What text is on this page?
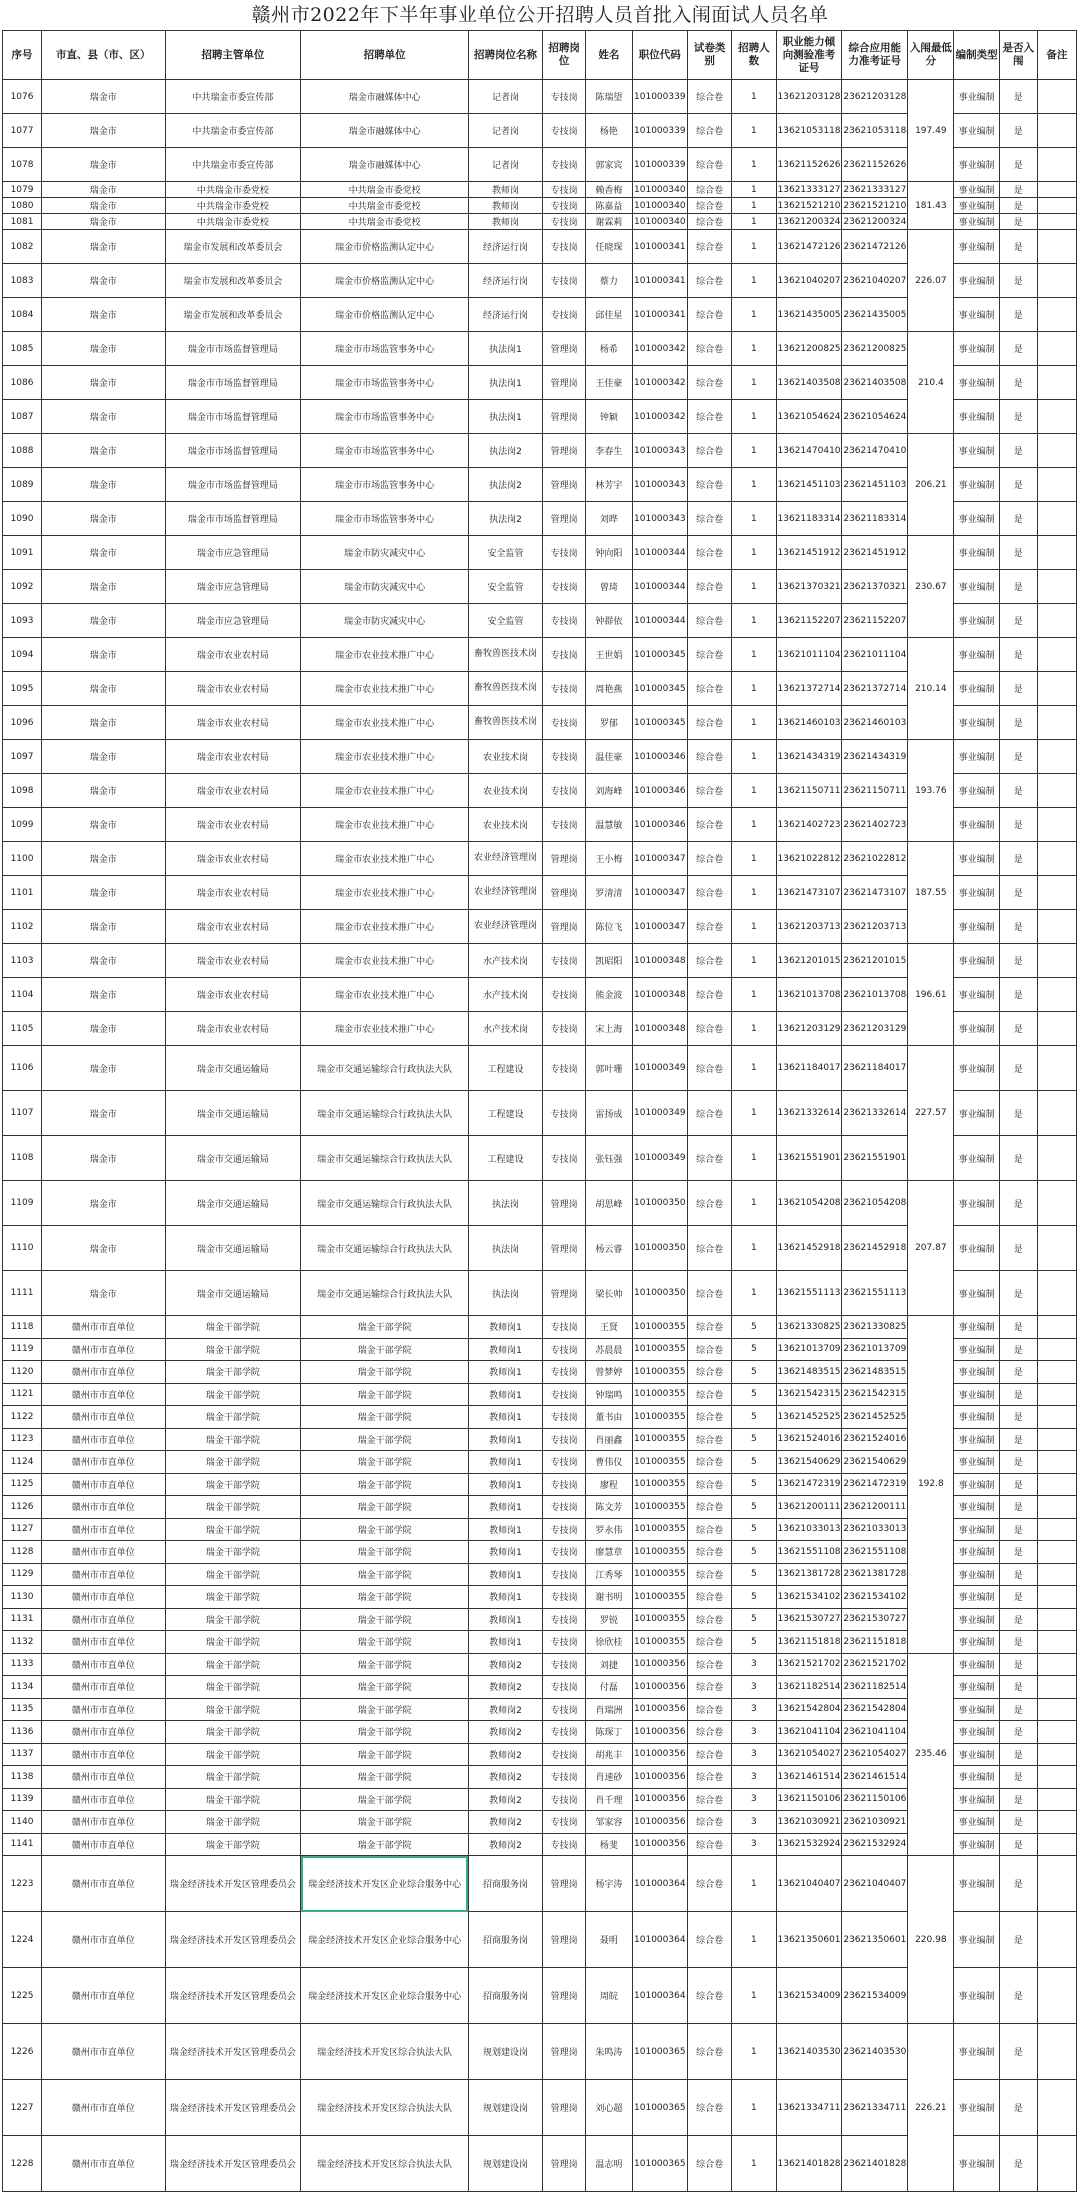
赣州市2022年下半年事业单位公开招聘人员首批入闱面试人员名单
序号	市直、县（市、区）	招聘主管单位	招聘单位	招聘岗位名称	招聘岗位	姓名	职位代码	试卷类别	招聘人数	职业能力倾向测验准考证号	综合应用能力准考证号	入闱最低分	编制类型	是否入闱	备注
1076	瑞金市	中共瑞金市委宣传部	瑞金市融媒体中心	记者岗	专技岗	陈瑞望	101000339	综合卷	1	13621203128	23621203128	197.49	事业编制	是	
1077	瑞金市	中共瑞金市委宣传部	瑞金市融媒体中心	记者岗	专技岗	杨艳	101000339	综合卷	1	13621053118	23621053118		事业编制	是	
1078	瑞金市	中共瑞金市委宣传部	瑞金市融媒体中心	记者岗	专技岗	郭家宾	101000339	综合卷	1	13621152626	23621152626		事业编制	是	
1079	瑞金市	中共瑞金市委党校	中共瑞金市委党校	教师岗	专技岗	赖香梅	101000340	综合卷	1	13621333127	23621333127	181.43	事业编制	是	
1080	瑞金市	中共瑞金市委党校	中共瑞金市委党校	教师岗	专技岗	陈嘉益	101000340	综合卷	1	13621521210	23621521210		事业编制	是	
1081	瑞金市	中共瑞金市委党校	中共瑞金市委党校	教师岗	专技岗	谢霖莉	101000340	综合卷	1	13621200324	23621200324		事业编制	是	
1082	瑞金市	瑞金市发展和改革委员会	瑞金市价格监测认定中心	经济运行岗	专技岗	任晓琛	101000341	综合卷	1	13621472126	23621472126	226.07	事业编制	是	
1083	瑞金市	瑞金市发展和改革委员会	瑞金市价格监测认定中心	经济运行岗	专技岗	蔡力	101000341	综合卷	1	13621040207	23621040207		事业编制	是	
1084	瑞金市	瑞金市发展和改革委员会	瑞金市价格监测认定中心	经济运行岗	专技岗	邱佳星	101000341	综合卷	1	13621435005	23621435005		事业编制	是	
1085	瑞金市	瑞金市市场监督管理局	瑞金市市场监管事务中心	执法岗1	管理岗	杨希	101000342	综合卷	1	13621200825	23621200825	210.4	事业编制	是	
1086	瑞金市	瑞金市市场监督管理局	瑞金市市场监管事务中心	执法岗1	管理岗	王佳豪	101000342	综合卷	1	13621403508	23621403508		事业编制	是	
1087	瑞金市	瑞金市市场监督管理局	瑞金市市场监管事务中心	执法岗1	管理岗	钟颖	101000342	综合卷	1	13621054624	23621054624		事业编制	是	
1088	瑞金市	瑞金市市场监督管理局	瑞金市市场监管事务中心	执法岗2	管理岗	李春生	101000343	综合卷	1	13621470410	23621470410	206.21	事业编制	是	
1089	瑞金市	瑞金市市场监督管理局	瑞金市市场监管事务中心	执法岗2	管理岗	林芳宇	101000343	综合卷	1	13621451103	23621451103		事业编制	是	
1090	瑞金市	瑞金市市场监督管理局	瑞金市市场监管事务中心	执法岗2	管理岗	刘晔	101000343	综合卷	1	13621183314	23621183314		事业编制	是	
1091	瑞金市	瑞金市应急管理局	瑞金市防灾减灾中心	安全监管	专技岗	钟向阳	101000344	综合卷	1	13621451912	23621451912	230.67	事业编制	是	
1092	瑞金市	瑞金市应急管理局	瑞金市防灾减灾中心	安全监管	专技岗	曾琦	101000344	综合卷	1	13621370321	23621370321		事业编制	是	
1093	瑞金市	瑞金市应急管理局	瑞金市防灾减灾中心	安全监管	专技岗	钟群依	101000344	综合卷	1	13621152207	23621152207		事业编制	是	
1094	瑞金市	瑞金市农业农村局	瑞金市农业技术推广中心	畜牧兽医技术岗	专技岗	王世娟	101000345	综合卷	1	13621011104	23621011104	210.14	事业编制	是	
1095	瑞金市	瑞金市农业农村局	瑞金市农业技术推广中心	畜牧兽医技术岗	专技岗	周艳燕	101000345	综合卷	1	13621372714	23621372714		事业编制	是	
1096	瑞金市	瑞金市农业农村局	瑞金市农业技术推广中心	畜牧兽医技术岗	专技岗	罗郁	101000345	综合卷	1	13621460103	23621460103		事业编制	是	
1097	瑞金市	瑞金市农业农村局	瑞金市农业技术推广中心	农业技术岗	专技岗	温佳豪	101000346	综合卷	1	13621434319	23621434319	193.76	事业编制	是	
1098	瑞金市	瑞金市农业农村局	瑞金市农业技术推广中心	农业技术岗	专技岗	刘海峰	101000346	综合卷	1	13621150711	23621150711		事业编制	是	
1099	瑞金市	瑞金市农业农村局	瑞金市农业技术推广中心	农业技术岗	专技岗	温慧敏	101000346	综合卷	1	13621402723	23621402723		事业编制	是	
1100	瑞金市	瑞金市农业农村局	瑞金市农业技术推广中心	农业经济管理岗	管理岗	王小梅	101000347	综合卷	1	13621022812	23621022812	187.55	事业编制	是	
1101	瑞金市	瑞金市农业农村局	瑞金市农业技术推广中心	农业经济管理岗	管理岗	罗清清	101000347	综合卷	1	13621473107	23621473107		事业编制	是	
1102	瑞金市	瑞金市农业农村局	瑞金市农业技术推广中心	农业经济管理岗	管理岗	陈位飞	101000347	综合卷	1	13621203713	23621203713		事业编制	是	
1103	瑞金市	瑞金市农业农村局	瑞金市农业技术推广中心	水产技术岗	专技岗	凯昭阳	101000348	综合卷	1	13621201015	23621201015	196.61	事业编制	是	
1104	瑞金市	瑞金市农业农村局	瑞金市农业技术推广中心	水产技术岗	专技岗	熊金波	101000348	综合卷	1	13621013708	23621013708		事业编制	是	
1105	瑞金市	瑞金市农业农村局	瑞金市农业技术推广中心	水产技术岗	专技岗	宋上海	101000348	综合卷	1	13621203129	23621203129		事业编制	是	
1106	瑞金市	瑞金市交通运输局	瑞金市交通运输综合行政执法大队	工程建设	专技岗	郭叶珊	101000349	综合卷	1	13621184017	23621184017	227.57	事业编制	是	
1107	瑞金市	瑞金市交通运输局	瑞金市交通运输综合行政执法大队	工程建设	专技岗	雷扬成	101000349	综合卷	1	13621332614	23621332614		事业编制	是	
1108	瑞金市	瑞金市交通运输局	瑞金市交通运输综合行政执法大队	工程建设	专技岗	张钰强	101000349	综合卷	1	13621551901	23621551901		事业编制	是	
1109	瑞金市	瑞金市交通运输局	瑞金市交通运输综合行政执法大队	执法岗	管理岗	胡思峰	101000350	综合卷	1	13621054208	23621054208	207.87	事业编制	是	
1110	瑞金市	瑞金市交通运输局	瑞金市交通运输综合行政执法大队	执法岗	管理岗	杨云睿	101000350	综合卷	1	13621452918	23621452918		事业编制	是	
1111	瑞金市	瑞金市交通运输局	瑞金市交通运输综合行政执法大队	执法岗	管理岗	梁长帅	101000350	综合卷	1	13621551113	23621551113		事业编制	是	
1118	赣州市市直单位	瑞金干部学院	瑞金干部学院	教师岗1	专技岗	王贤	101000355	综合卷	5	13621330825	23621330825	192.8	事业编制	是	
1119	赣州市市直单位	瑞金干部学院	瑞金干部学院	教师岗1	专技岗	苏晨晨	101000355	综合卷	5	13621013709	23621013709		事业编制	是	
1120	赣州市市直单位	瑞金干部学院	瑞金干部学院	教师岗1	专技岗	曾梦婷	101000355	综合卷	5	13621483515	23621483515		事业编制	是	
1121	赣州市市直单位	瑞金干部学院	瑞金干部学院	教师岗1	专技岗	钟瑞鸣	101000355	综合卷	5	13621542315	23621542315		事业编制	是	
1122	赣州市市直单位	瑞金干部学院	瑞金干部学院	教师岗1	专技岗	董书由	101000355	综合卷	5	13621452525	23621452525		事业编制	是	
1123	赣州市市直单位	瑞金干部学院	瑞金干部学院	教师岗1	专技岗	肖丽鑫	101000355	综合卷	5	13621524016	23621524016		事业编制	是	
1124	赣州市市直单位	瑞金干部学院	瑞金干部学院	教师岗1	专技岗	曹伟仪	101000355	综合卷	5	13621540629	23621540629		事业编制	是	
1125	赣州市市直单位	瑞金干部学院	瑞金干部学院	教师岗1	专技岗	廖程	101000355	综合卷	5	13621472319	23621472319		事业编制	是	
1126	赣州市市直单位	瑞金干部学院	瑞金干部学院	教师岗1	专技岗	陈文芳	101000355	综合卷	5	13621200111	23621200111		事业编制	是	
1127	赣州市市直单位	瑞金干部学院	瑞金干部学院	教师岗1	专技岗	罗永伟	101000355	综合卷	5	13621033013	23621033013		事业编制	是	
1128	赣州市市直单位	瑞金干部学院	瑞金干部学院	教师岗1	专技岗	廖慧章	101000355	综合卷	5	13621551108	23621551108		事业编制	是	
1129	赣州市市直单位	瑞金干部学院	瑞金干部学院	教师岗1	专技岗	江秀琴	101000355	综合卷	5	13621381728	23621381728		事业编制	是	
1130	赣州市市直单位	瑞金干部学院	瑞金干部学院	教师岗1	专技岗	谢书明	101000355	综合卷	5	13621534102	23621534102		事业编制	是	
1131	赣州市市直单位	瑞金干部学院	瑞金干部学院	教师岗1	专技岗	罗锐	101000355	综合卷	5	13621530727	23621530727		事业编制	是	
1132	赣州市市直单位	瑞金干部学院	瑞金干部学院	教师岗1	专技岗	徐欣桂	101000355	综合卷	5	13621151818	23621151818		事业编制	是	
1133	赣州市市直单位	瑞金干部学院	瑞金干部学院	教师岗2	专技岗	刘捷	101000356	综合卷	3	13621521702	23621521702	235.46	事业编制	是	
1134	赣州市市直单位	瑞金干部学院	瑞金干部学院	教师岗2	专技岗	付磊	101000356	综合卷	3	13621182514	23621182514		事业编制	是	
1135	赣州市市直单位	瑞金干部学院	瑞金干部学院	教师岗2	专技岗	肖瑞洲	101000356	综合卷	3	13621542804	23621542804		事业编制	是	
1136	赣州市市直单位	瑞金干部学院	瑞金干部学院	教师岗2	专技岗	陈琛丁	101000356	综合卷	3	13621041104	23621041104		事业编制	是	
1137	赣州市市直单位	瑞金干部学院	瑞金干部学院	教师岗2	专技岗	胡兆丰	101000356	综合卷	3	13621054027	23621054027		事业编制	是	
1138	赣州市市直单位	瑞金干部学院	瑞金干部学院	教师岗2	专技岗	肖速砂	101000356	综合卷	3	13621461514	23621461514		事业编制	是	
1139	赣州市市直单位	瑞金干部学院	瑞金干部学院	教师岗2	专技岗	肖千理	101000356	综合卷	3	13621150106	23621150106		事业编制	是	
1140	赣州市市直单位	瑞金干部学院	瑞金干部学院	教师岗2	专技岗	邹家容	101000356	综合卷	3	13621030921	23621030921		事业编制	是	
1141	赣州市市直单位	瑞金干部学院	瑞金干部学院	教师岗2	专技岗	杨斐	101000356	综合卷	3	13621532924	23621532924		事业编制	是	
1223	赣州市市直单位	瑞金经济技术开发区管理委员会	瑞金经济技术开发区企业综合服务中心	招商服务岗	管理岗	杨宇涛	101000364	综合卷	1	13621040407	23621040407	220.98	事业编制	是	
1224	赣州市市直单位	瑞金经济技术开发区管理委员会	瑞金经济技术开发区企业综合服务中心	招商服务岗	管理岗	聂明	101000364	综合卷	1	13621350601	23621350601		事业编制	是	
1225	赣州市市直单位	瑞金经济技术开发区管理委员会	瑞金经济技术开发区企业综合服务中心	招商服务岗	管理岗	周皖	101000364	综合卷	1	13621534009	23621534009		事业编制	是	
1226	赣州市市直单位	瑞金经济技术开发区管理委员会	瑞金经济技术开发区综合执法大队	规划建设岗	管理岗	朱鸣涛	101000365	综合卷	1	13621403530	23621403530	226.21	事业编制	是	
1227	赣州市市直单位	瑞金经济技术开发区管理委员会	瑞金经济技术开发区综合执法大队	规划建设岗	管理岗	刘心超	101000365	综合卷	1	13621334711	23621334711		事业编制	是	
1228	赣州市市直单位	瑞金经济技术开发区管理委员会	瑞金经济技术开发区综合执法大队	规划建设岗	管理岗	温志明	101000365	综合卷	1	13621401828	23621401828		事业编制	是	
